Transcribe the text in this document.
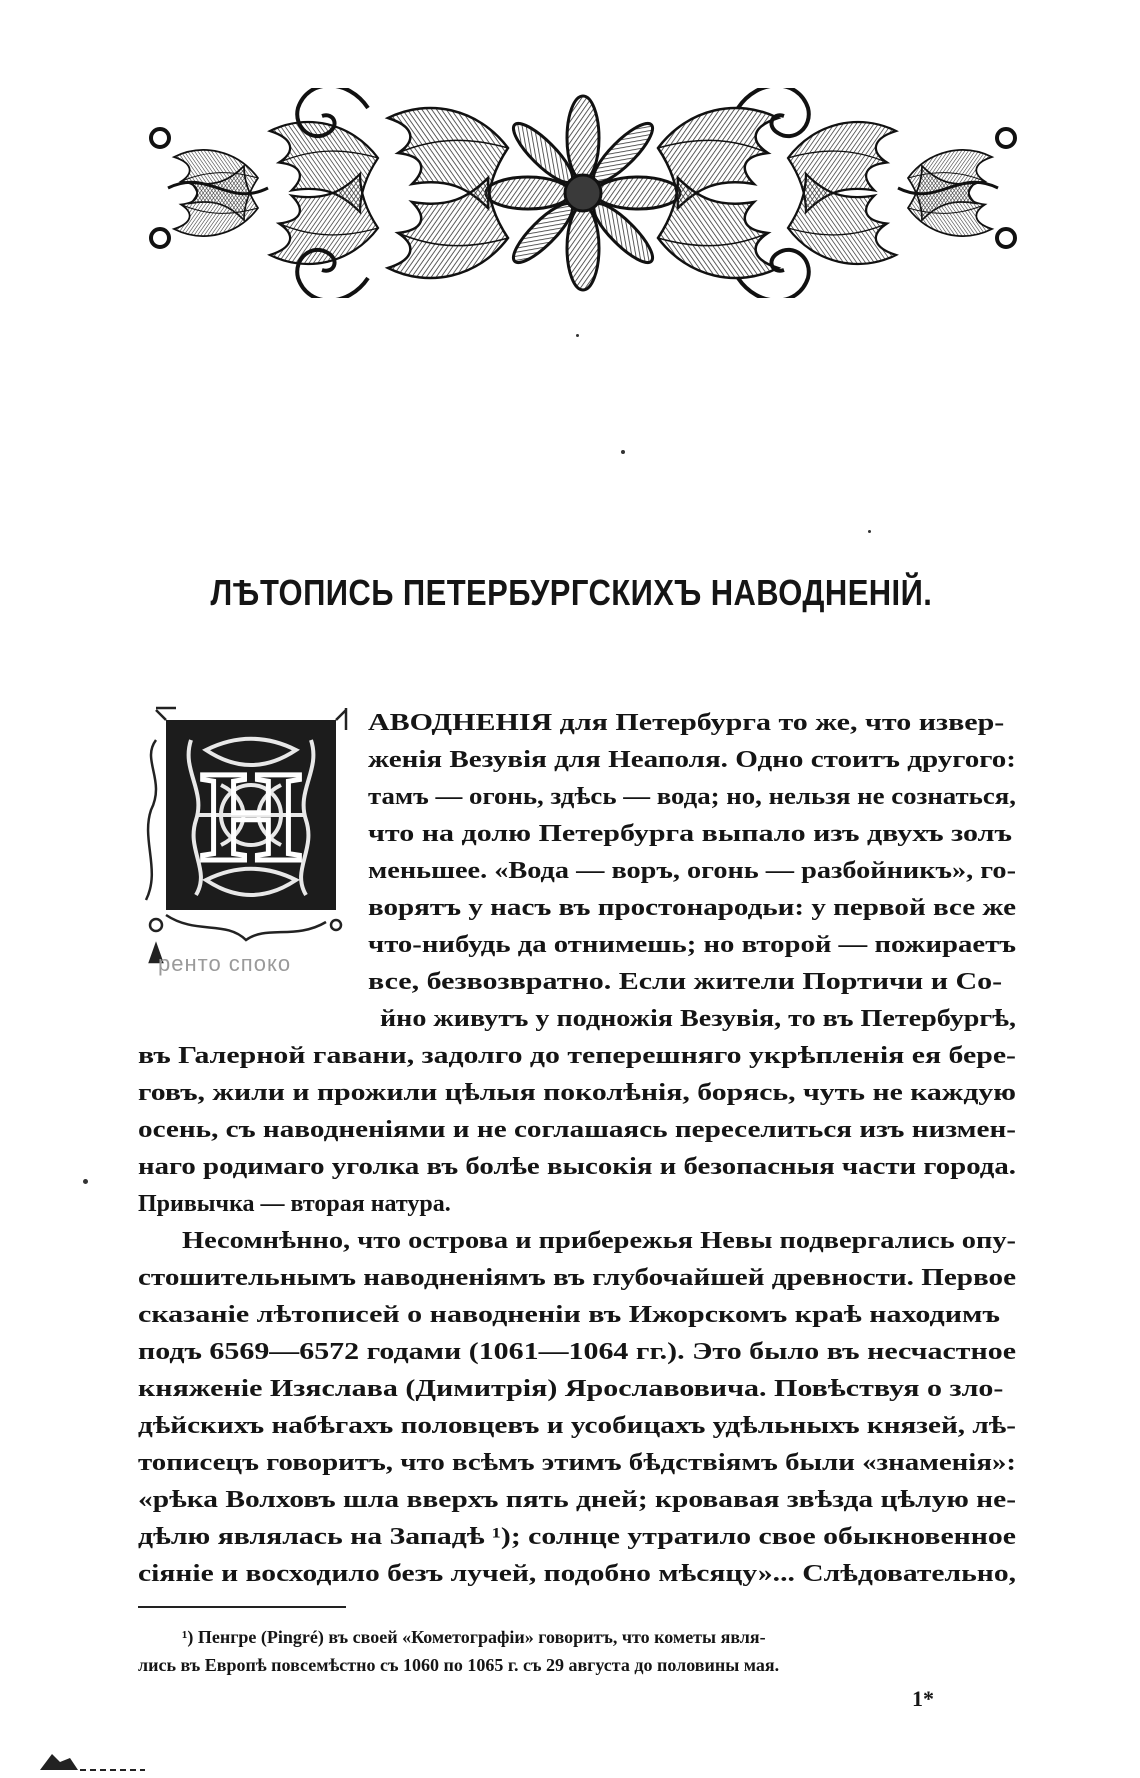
ЛѢТОПИСЬ ПЕТЕРБУРГСКИХЪ НАВОДНЕНІЙ.
Н
ренто споко
АВОДНЕНІЯ для Петербурга то же, что извер-
женія Везувія для Неаполя. Одно стоитъ другого:
тамъ — огонь, здѣсь — вода; но, нельзя не сознаться,
что на долю Петербурга выпало изъ двухъ золъ
меньшее. «Вода — воръ, огонь — разбойникъ», го-
ворятъ у насъ въ простонародьи: у первой все же
что-нибудь да отнимешь; но второй — пожираетъ
все, безвозвратно. Если жители Портичи и Со-
йно живутъ у подножія Везувія, то въ Петербургѣ,
въ Галерной гавани, задолго до теперешняго укрѣпленія ея бере-
говъ, жили и прожили цѣлыя поколѣнія, борясь, чуть не каждую
осень, съ наводненіями и не соглашаясь переселиться изъ низмен-
наго родимаго уголка въ болѣе высокія и безопасныя части города.
Привычка — вторая натура.
Несомнѣнно, что острова и прибережья Невы подвергались опу-
стошительнымъ наводненіямъ въ глубочайшей древности. Первое
сказаніе лѣтописей о наводненіи въ Ижорскомъ краѣ находимъ
подъ 6569—6572 годами (1061—1064 гг.). Это было въ несчастное
княженіе Изяслава (Димитрія) Ярославовича. Повѣствуя о зло-
дѣйскихъ набѣгахъ половцевъ и усобицахъ удѣльныхъ князей, лѣ-
тописецъ говоритъ, что всѣмъ этимъ бѣдствіямъ были «знаменія»:
«рѣка Волховъ шла вверхъ пять дней; кровавая звѣзда цѣлую не-
дѣлю являлась на Западѣ ¹); солнце утратило свое обыкновенное
сіяніе и восходило безъ лучей, подобно мѣсяцу»... Слѣдовательно,
¹) Пенгре (Pingré) въ своей «Кометографіи» говоритъ, что кометы явля-
лись въ Европѣ повсемѣстно съ 1060 по 1065 г. съ 29 августа до половины мая.
1*
